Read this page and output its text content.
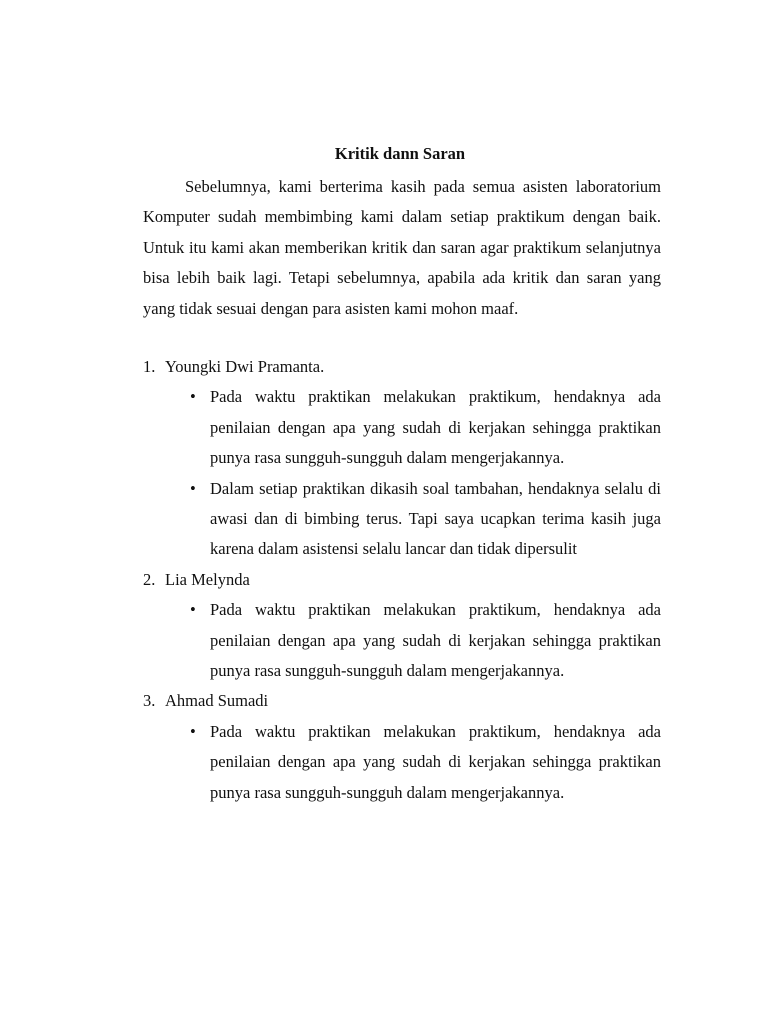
Kritik dann Saran

Sebelumnya, kami berterima kasih pada semua asisten laboratorium Komputer sudah membimbing kami dalam setiap praktikum dengan baik. Untuk itu kami akan memberikan kritik dan saran agar praktikum selanjutnya bisa lebih baik lagi. Tetapi sebelumnya, apabila ada kritik dan saran yang yang tidak sesuai dengan para asisten kami mohon maaf.

1. Youngki Dwi Pramanta.
• Pada waktu praktikan melakukan praktikum, hendaknya ada penilaian dengan apa yang sudah di kerjakan sehingga praktikan punya rasa sungguh-sungguh dalam mengerjakannya.
• Dalam setiap praktikan dikasih soal tambahan, hendaknya selalu di awasi dan di bimbing terus. Tapi saya ucapkan terima kasih juga karena dalam asistensi selalu lancar dan tidak dipersulit
2. Lia Melynda
• Pada waktu praktikan melakukan praktikum, hendaknya ada penilaian dengan apa yang sudah di kerjakan sehingga praktikan punya rasa sungguh-sungguh dalam mengerjakannya.
3. Ahmad Sumadi
• Pada waktu praktikan melakukan praktikum, hendaknya ada penilaian dengan apa yang sudah di kerjakan sehingga praktikan punya rasa sungguh-sungguh dalam mengerjakannya.
